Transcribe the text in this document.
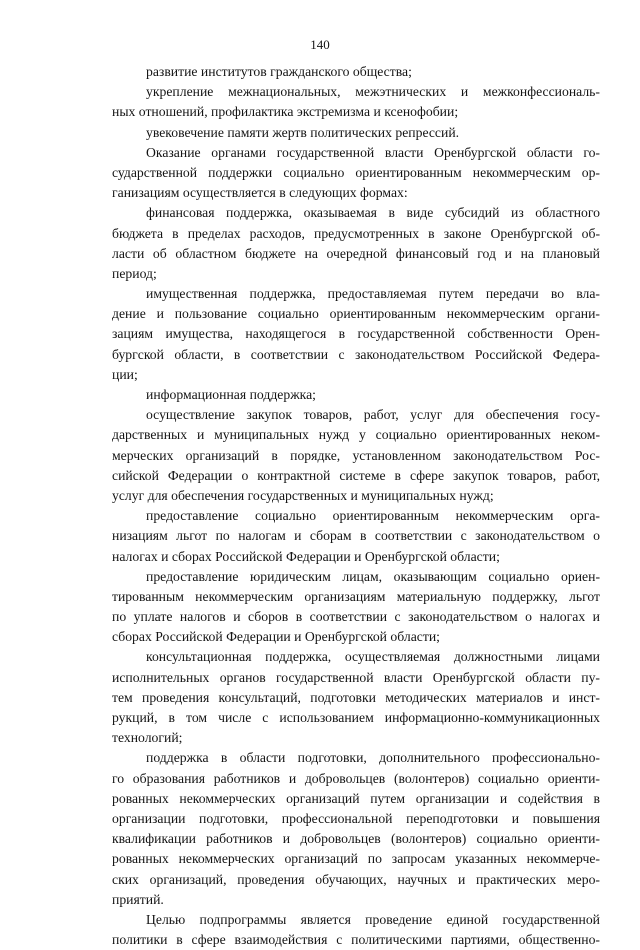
140
развитие институтов гражданского общества;
укрепление межнациональных, межэтнических и межконфессиональ-
ных отношений, профилактика экстремизма и ксенофобии;
увековечение памяти жертв политических репрессий.
Оказание органами государственной власти Оренбургской области го-
сударственной поддержки социально ориентированным некоммерческим ор-
ганизациям осуществляется в следующих формах:
финансовая поддержка, оказываемая в виде субсидий из областного
бюджета в пределах расходов, предусмотренных в законе Оренбургской об-
ласти об областном бюджете на очередной финансовый год и на плановый
период;
имущественная поддержка, предоставляемая путем передачи во вла-
дение и пользование социально ориентированным некоммерческим органи-
зациям имущества, находящегося в государственной собственности Орен-
бургской области, в соответствии с законодательством Российской Федера-
ции;
информационная поддержка;
осуществление закупок товаров, работ, услуг для обеспечения госу-
дарственных и муниципальных нужд у социально ориентированных неком-
мерческих организаций в порядке, установленном законодательством Рос-
сийской Федерации о контрактной системе в сфере закупок товаров, работ,
услуг для обеспечения государственных и муниципальных нужд;
предоставление социально ориентированным некоммерческим орга-
низациям льгот по налогам и сборам в соответствии с законодательством о
налогах и сборах Российской Федерации и Оренбургской области;
предоставление юридическим лицам, оказывающим социально ориен-
тированным некоммерческим организациям материальную поддержку, льгот
по уплате налогов и сборов в соответствии с законодательством о налогах и
сборах Российской Федерации и Оренбургской области;
консультационная поддержка, осуществляемая должностными лицами
исполнительных органов государственной власти Оренбургской области пу-
тем проведения консультаций, подготовки методических материалов и инст-
рукций, в том числе с использованием информационно-коммуникационных
технологий;
поддержка в области подготовки, дополнительного профессионально-
го образования работников и добровольцев (волонтеров) социально ориенти-
рованных некоммерческих организаций путем организации и содействия в
организации подготовки, профессиональной переподготовки и повышения
квалификации работников и добровольцев (волонтеров) социально ориенти-
рованных некоммерческих организаций по запросам указанных некоммерче-
ских организаций, проведения обучающих, научных и практических меро-
приятий.
Целью подпрограммы является проведение единой государственной
политики в сфере взаимодействия с политическими партиями, общественно-
